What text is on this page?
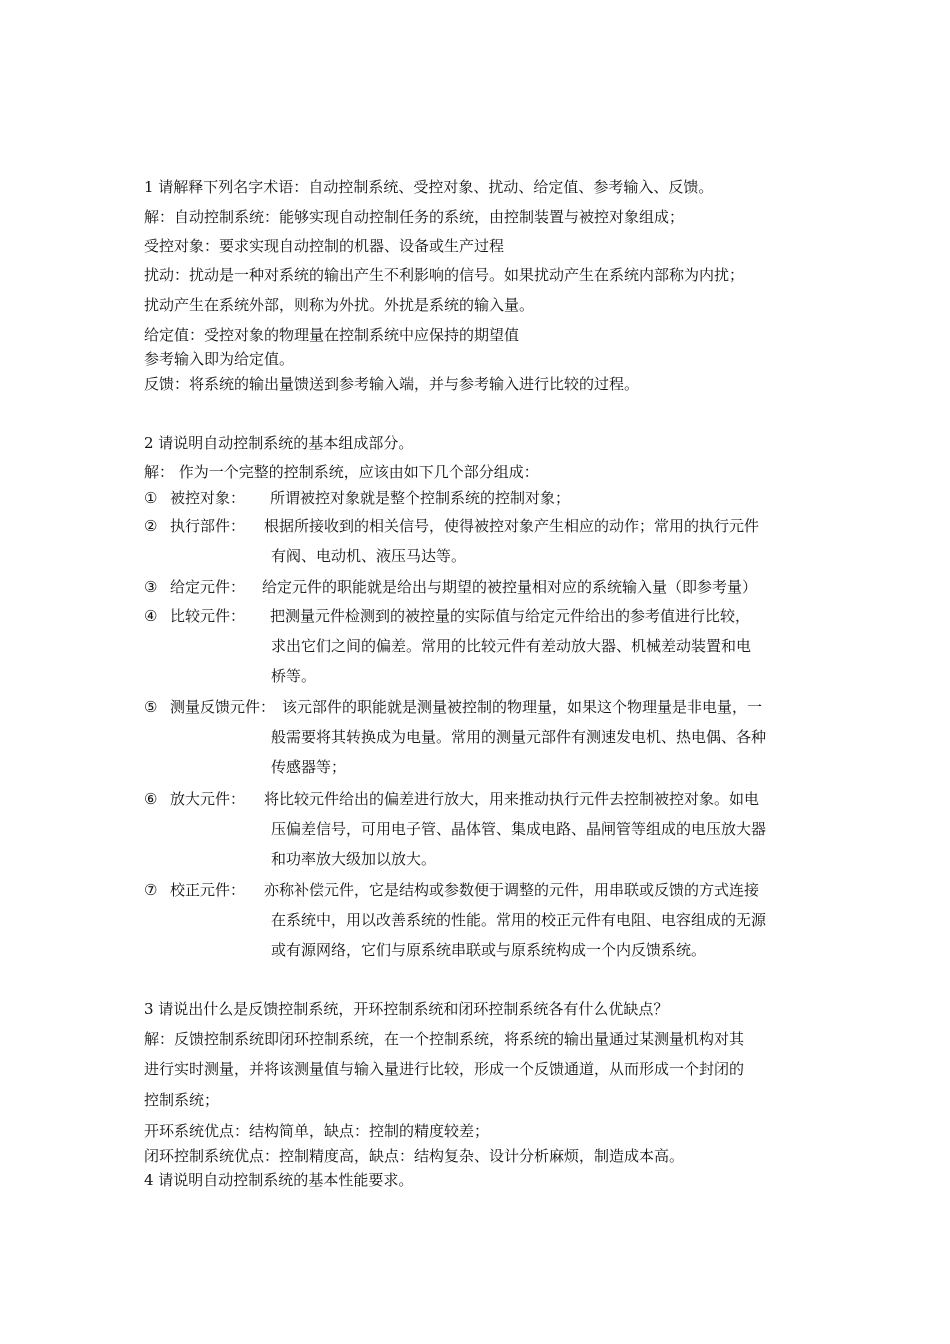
1 请解释下列名字术语：自动控制系统、受控对象、扰动、给定值、参考输入、反馈。
解：自动控制系统：能够实现自动控制任务的系统，由控制装置与被控对象组成；
受控对象：要求实现自动控制的机器、设备或生产过程
扰动：扰动是一种对系统的输出产生不利影响的信号。如果扰动产生在系统内部称为内扰；
扰动产生在系统外部，则称为外扰。外扰是系统的输入量。
给定值：受控对象的物理量在控制系统中应保持的期望值
参考输入即为给定值。
反馈：将系统的输出量馈送到参考输入端，并与参考输入进行比较的过程。
2 请说明自动控制系统的基本组成部分。
解： 作为一个完整的控制系统，应该由如下几个部分组成：
① 被控对象： 所谓被控对象就是整个控制系统的控制对象；
② 执行部件： 根据所接收到的相关信号，使得被控对象产生相应的动作；常用的执行元件
有阀、电动机、液压马达等。
③ 给定元件： 给定元件的职能就是给出与期望的被控量相对应的系统输入量（即参考量）
④ 比较元件： 把测量元件检测到的被控量的实际值与给定元件给出的参考值进行比较，
求出它们之间的偏差。常用的比较元件有差动放大器、机械差动装置和电
桥等。
⑤ 测量反馈元件： 该元部件的职能就是测量被控制的物理量，如果这个物理量是非电量，一
般需要将其转换成为电量。常用的测量元部件有测速发电机、热电偶、各种
传感器等；
⑥ 放大元件： 将比较元件给出的偏差进行放大，用来推动执行元件去控制被控对象。如电
压偏差信号，可用电子管、晶体管、集成电路、晶闸管等组成的电压放大器
和功率放大级加以放大。
⑦ 校正元件： 亦称补偿元件，它是结构或参数便于调整的元件，用串联或反馈的方式连接
在系统中，用以改善系统的性能。常用的校正元件有电阻、电容组成的无源
或有源网络，它们与原系统串联或与原系统构成一个内反馈系统。
3 请说出什么是反馈控制系统，开环控制系统和闭环控制系统各有什么优缺点？
解：反馈控制系统即闭环控制系统，在一个控制系统，将系统的输出量通过某测量机构对其
进行实时测量，并将该测量值与输入量进行比较，形成一个反馈通道，从而形成一个封闭的
控制系统；
开环系统优点：结构简单，缺点：控制的精度较差；
闭环控制系统优点：控制精度高，缺点：结构复杂、设计分析麻烦，制造成本高。
4 请说明自动控制系统的基本性能要求。
